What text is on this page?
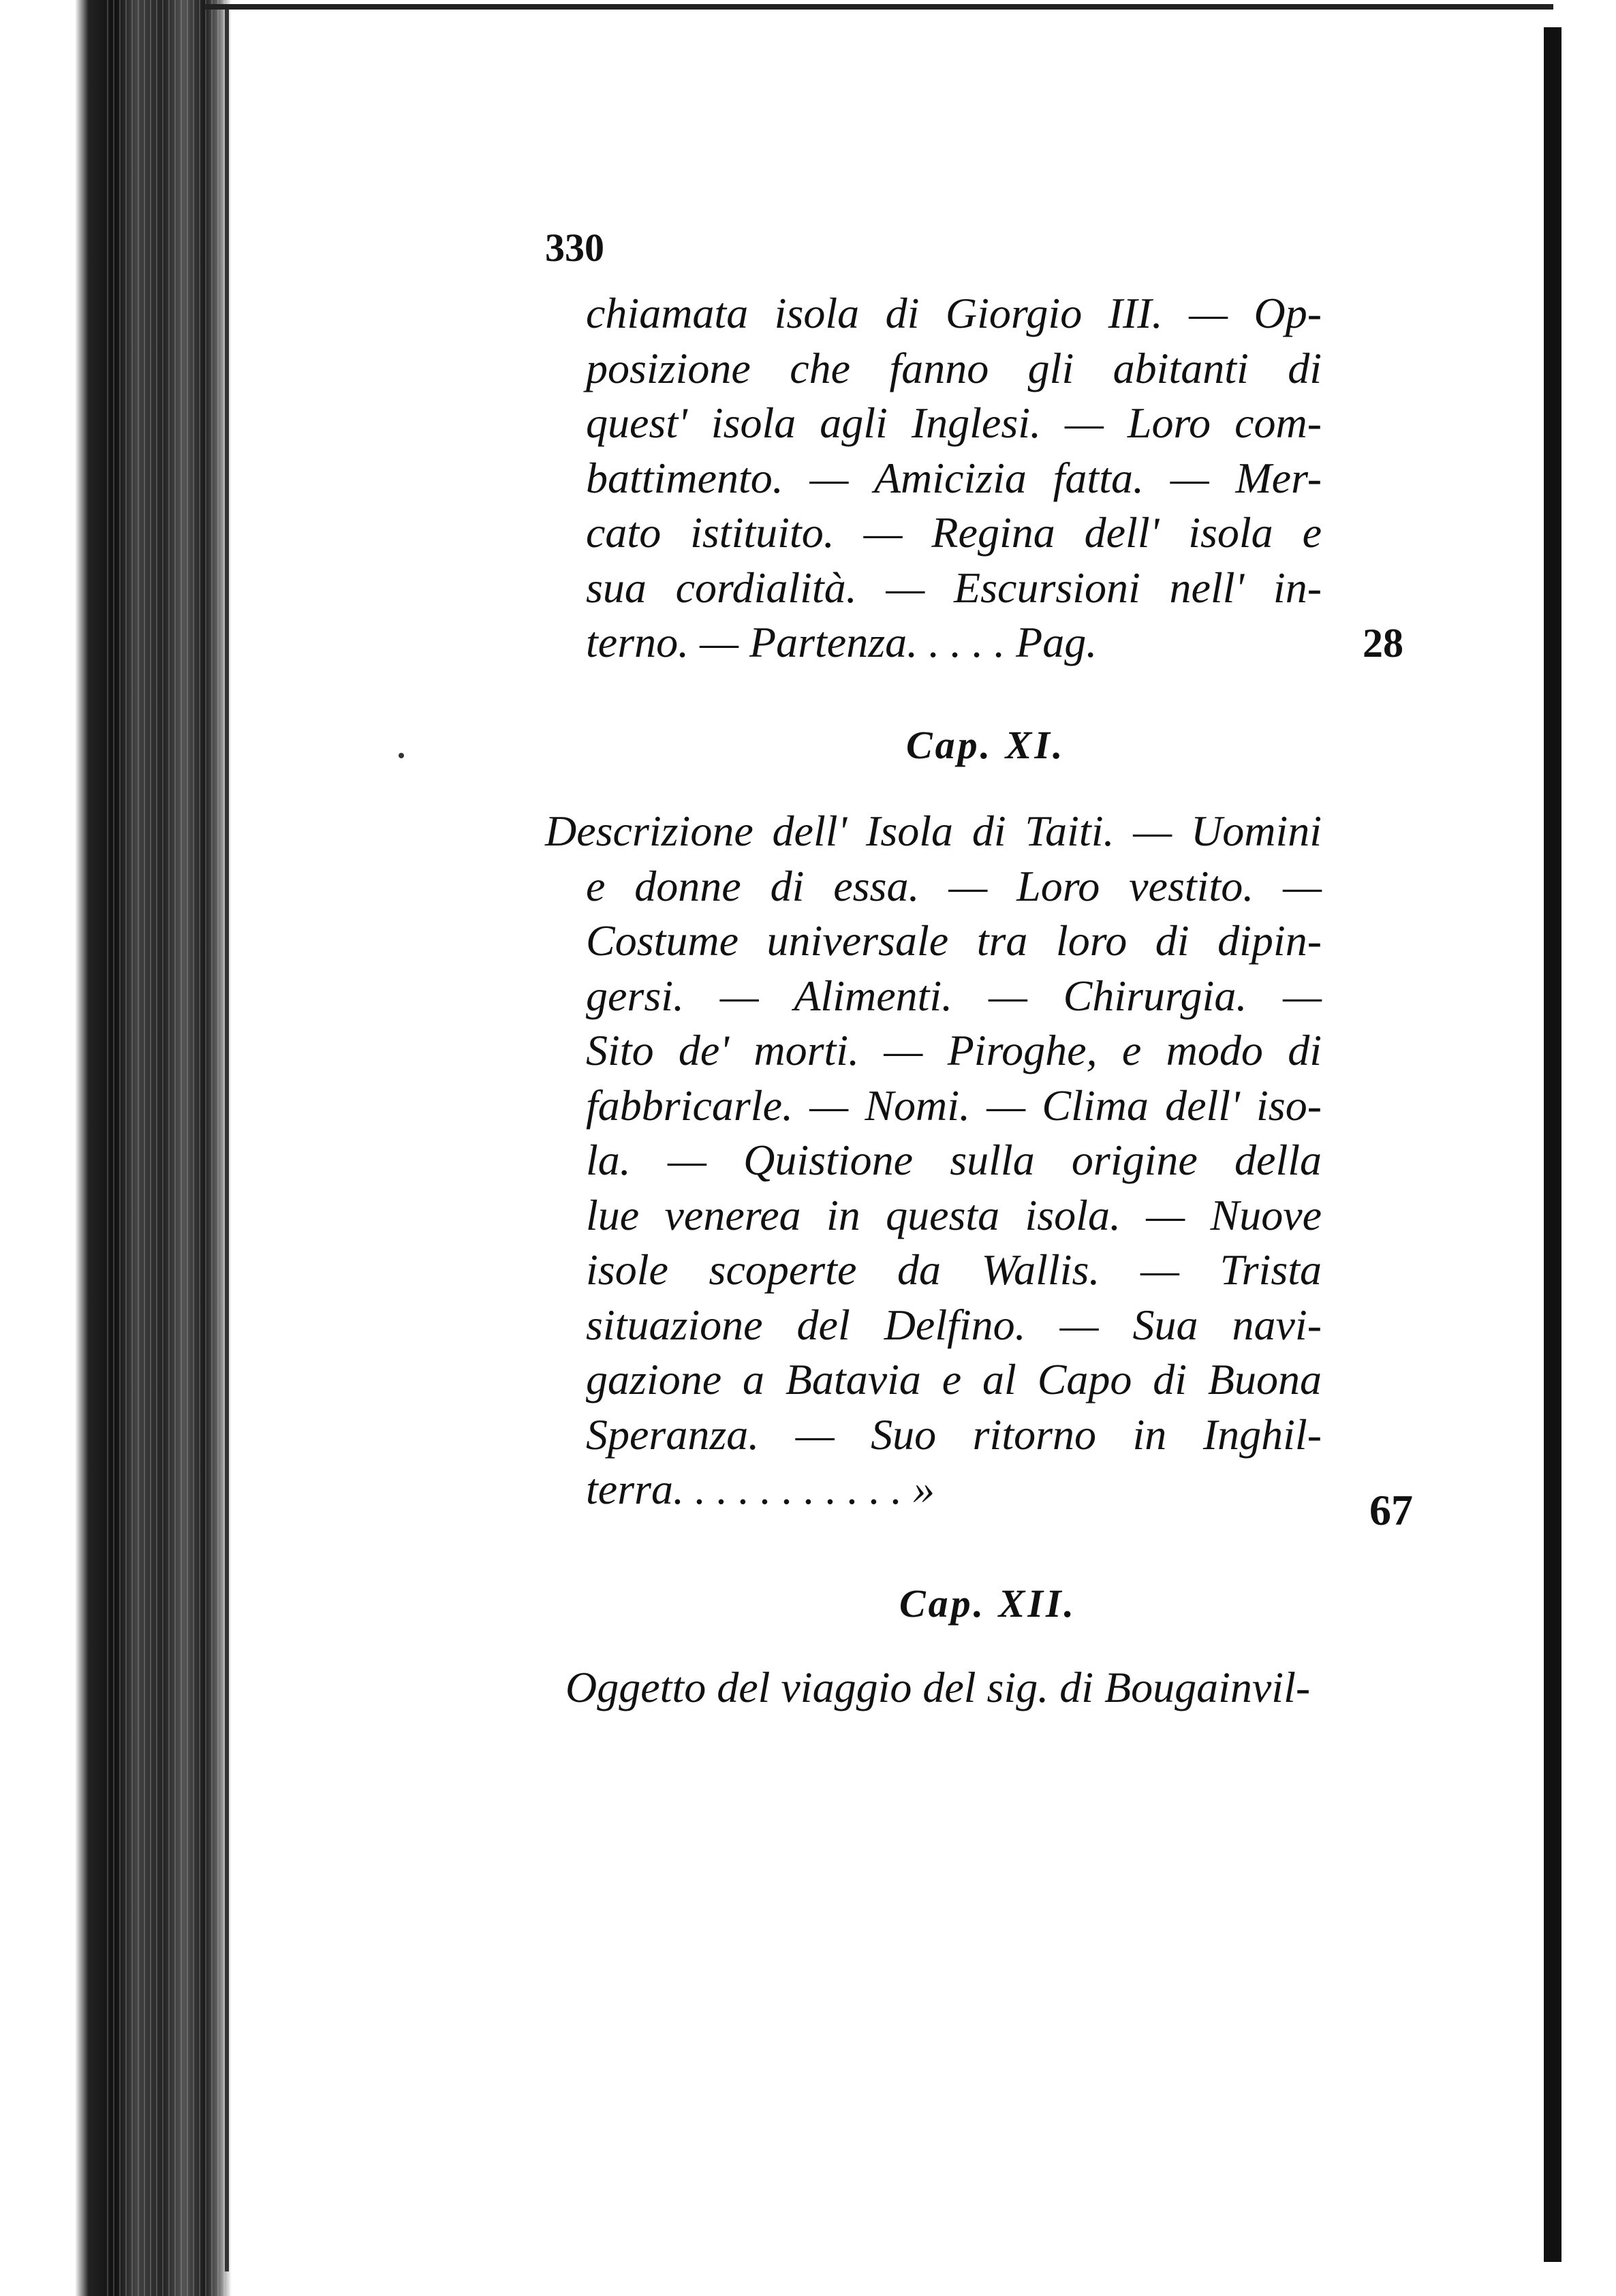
330
chiamata isola di Giorgio III. — Op-
posizione che fanno gli abitanti di
quest' isola agli Inglesi. — Loro com-
battimento. — Amicizia fatta. — Mer-
cato istituito. — Regina dell' isola e
sua cordialità. — Escursioni nell' in-
terno. — Partenza. . . . . Pag.	28
Cap. XI.
Descrizione dell' Isola di Taiti. — Uomini
e donne di essa. — Loro vestito. —
Costume universale tra loro di dipin-
gersi. — Alimenti. — Chirurgia. —
Sito de' morti. — Piroghe, e modo di
fabbricarle. — Nomi. — Clima dell' iso-
la. — Quistione sulla origine della
lue venerea in questa isola. — Nuove
isole scoperte da Wallis. — Trista
situazione del Delfino. — Sua navi-
gazione a Batavia e al Capo di Buona
Speranza. — Suo ritorno in Inghil-
terra. . . . . . . . . . . »	67
Cap. XII.
Oggetto del viaggio del sig. di Bougainvil-
